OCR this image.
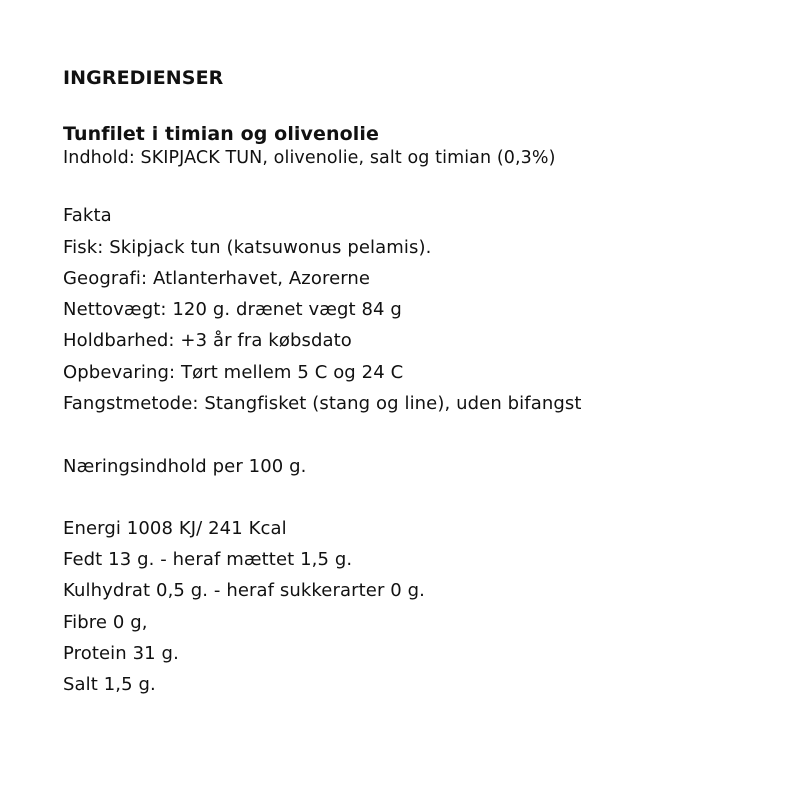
INGREDIENSER
Tunfilet i timian og olivenolie
Indhold: SKIPJACK TUN, olivenolie, salt og timian (0,3%)
Fakta
Fisk: Skipjack tun (katsuwonus pelamis).
Geografi: Atlanterhavet, Azorerne
Nettovægt: 120 g. drænet vægt 84 g
Holdbarhed: +3 år fra købsdato
Opbevaring: Tørt mellem 5 C og 24 C
Fangstmetode: Stangfisket (stang og line), uden bifangst
Næringsindhold per 100 g.
Energi 1008 KJ/ 241 Kcal
Fedt 13 g. - heraf mættet 1,5 g.
Kulhydrat 0,5 g. - heraf sukkerarter 0 g.
Fibre 0 g,
Protein 31 g.
Salt 1,5 g.
